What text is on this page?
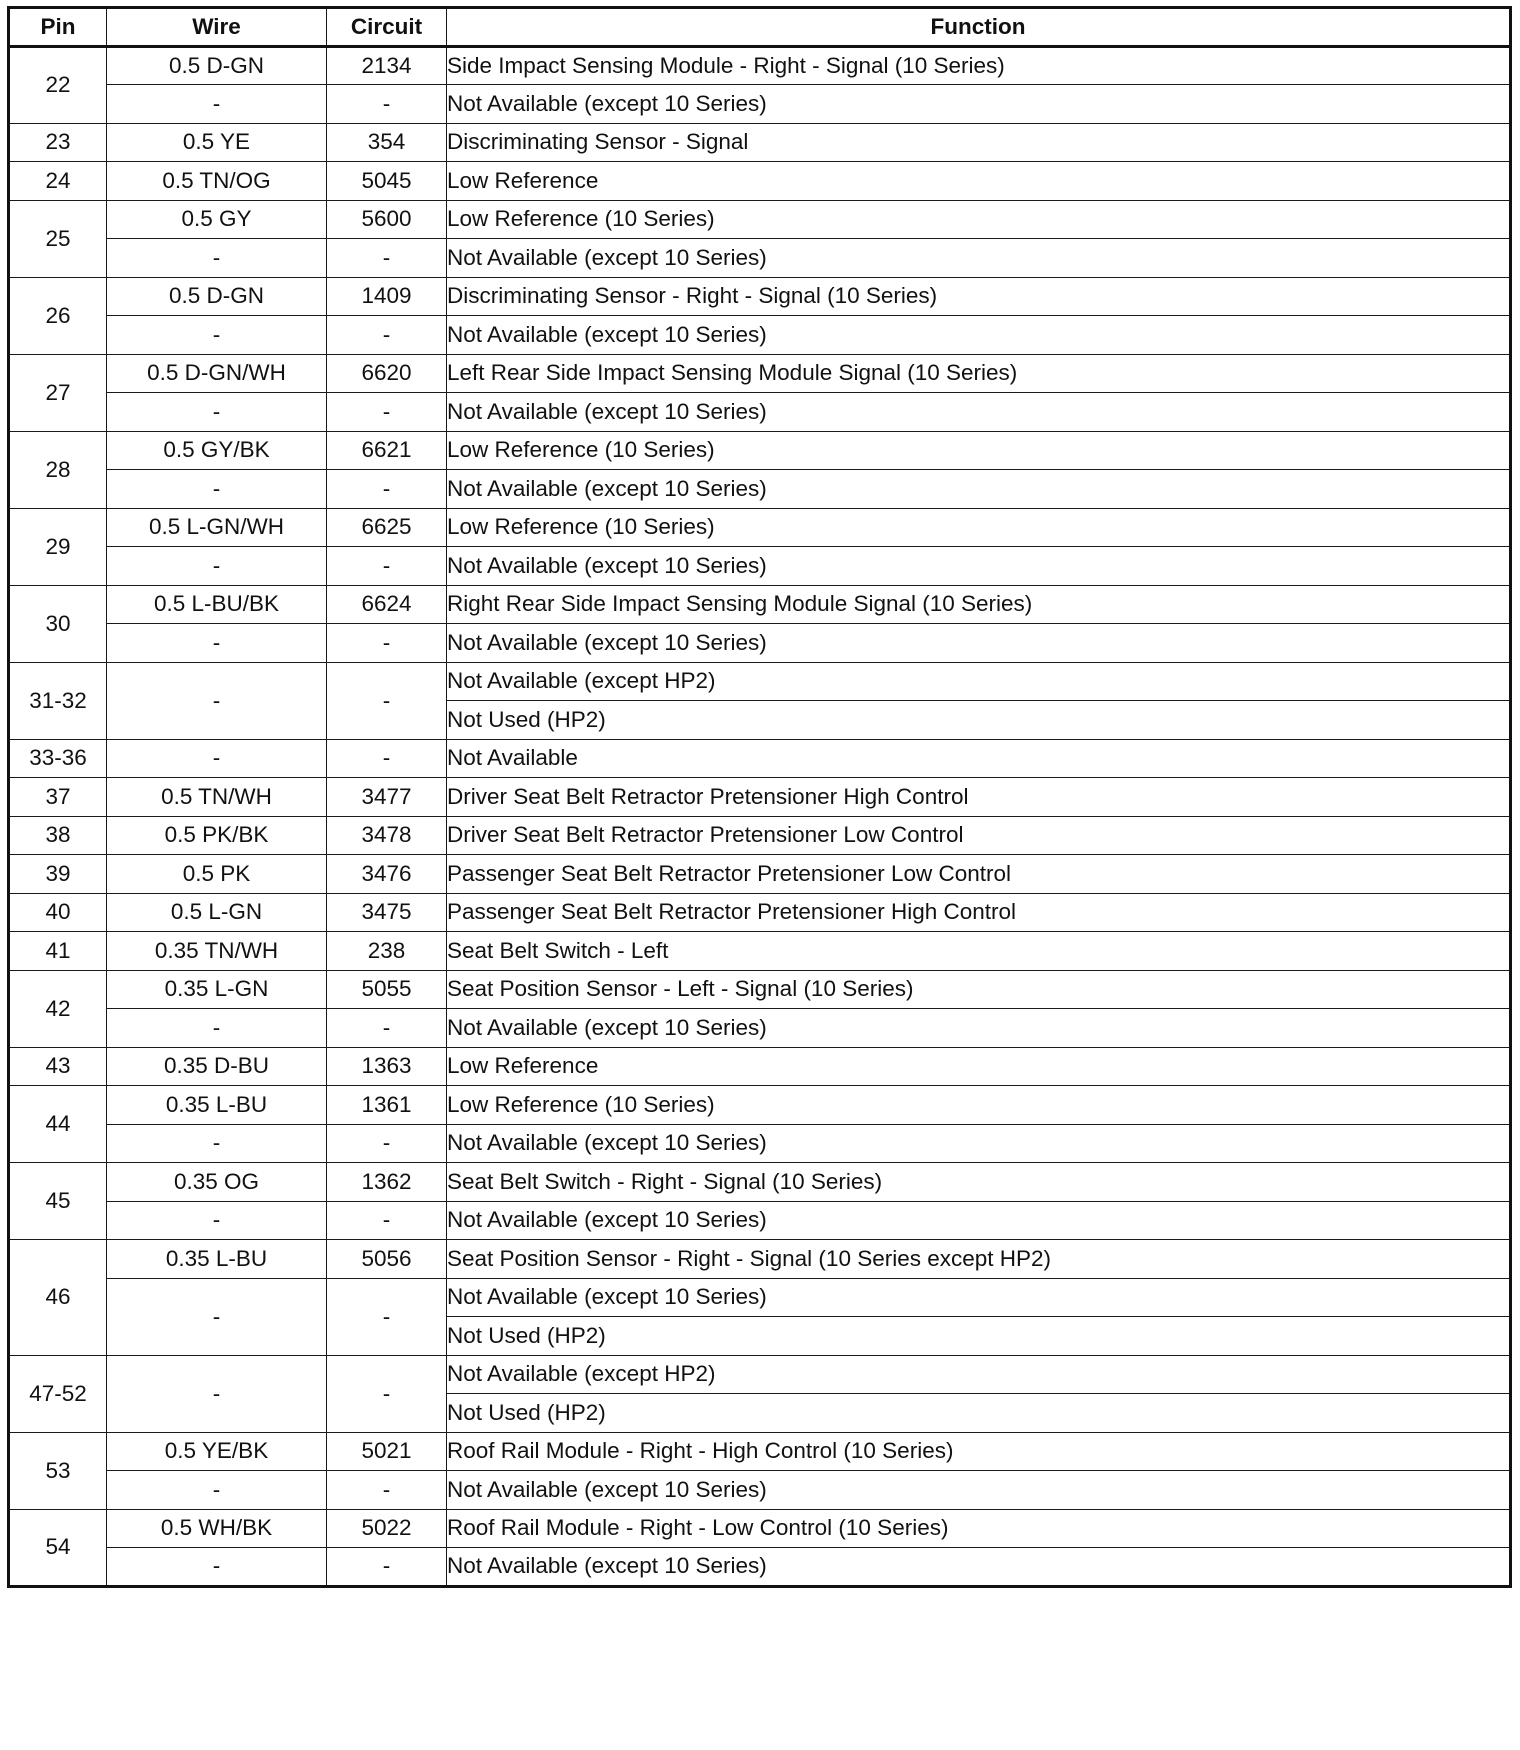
Pin	Wire	Circuit	Function
22	0.5 D-GN	2134	Side Impact Sensing Module - Right - Signal (10 Series)
	-	-	Not Available (except 10 Series)
23	0.5 YE	354	Discriminating Sensor - Signal
24	0.5 TN/OG	5045	Low Reference
25	0.5 GY	5600	Low Reference (10 Series)
	-	-	Not Available (except 10 Series)
26	0.5 D-GN	1409	Discriminating Sensor - Right - Signal (10 Series)
	-	-	Not Available (except 10 Series)
27	0.5 D-GN/WH	6620	Left Rear Side Impact Sensing Module Signal (10 Series)
	-	-	Not Available (except 10 Series)
28	0.5 GY/BK	6621	Low Reference (10 Series)
	-	-	Not Available (except 10 Series)
29	0.5 L-GN/WH	6625	Low Reference (10 Series)
	-	-	Not Available (except 10 Series)
30	0.5 L-BU/BK	6624	Right Rear Side Impact Sensing Module Signal (10 Series)
	-	-	Not Available (except 10 Series)
31-32	-	-	Not Available (except HP2)
			Not Used (HP2)
33-36	-	-	Not Available
37	0.5 TN/WH	3477	Driver Seat Belt Retractor Pretensioner High Control
38	0.5 PK/BK	3478	Driver Seat Belt Retractor Pretensioner Low Control
39	0.5 PK	3476	Passenger Seat Belt Retractor Pretensioner Low Control
40	0.5 L-GN	3475	Passenger Seat Belt Retractor Pretensioner High Control
41	0.35 TN/WH	238	Seat Belt Switch - Left
42	0.35 L-GN	5055	Seat Position Sensor - Left - Signal (10 Series)
	-	-	Not Available (except 10 Series)
43	0.35 D-BU	1363	Low Reference
44	0.35 L-BU	1361	Low Reference (10 Series)
	-	-	Not Available (except 10 Series)
45	0.35 OG	1362	Seat Belt Switch - Right - Signal (10 Series)
	-	-	Not Available (except 10 Series)
46	0.35 L-BU	5056	Seat Position Sensor - Right - Signal (10 Series except HP2)
	-	-	Not Available (except 10 Series)
			Not Used (HP2)
47-52	-	-	Not Available (except HP2)
			Not Used (HP2)
53	0.5 YE/BK	5021	Roof Rail Module - Right - High Control (10 Series)
	-	-	Not Available (except 10 Series)
54	0.5 WH/BK	5022	Roof Rail Module - Right - Low Control (10 Series)
	-	-	Not Available (except 10 Series)
